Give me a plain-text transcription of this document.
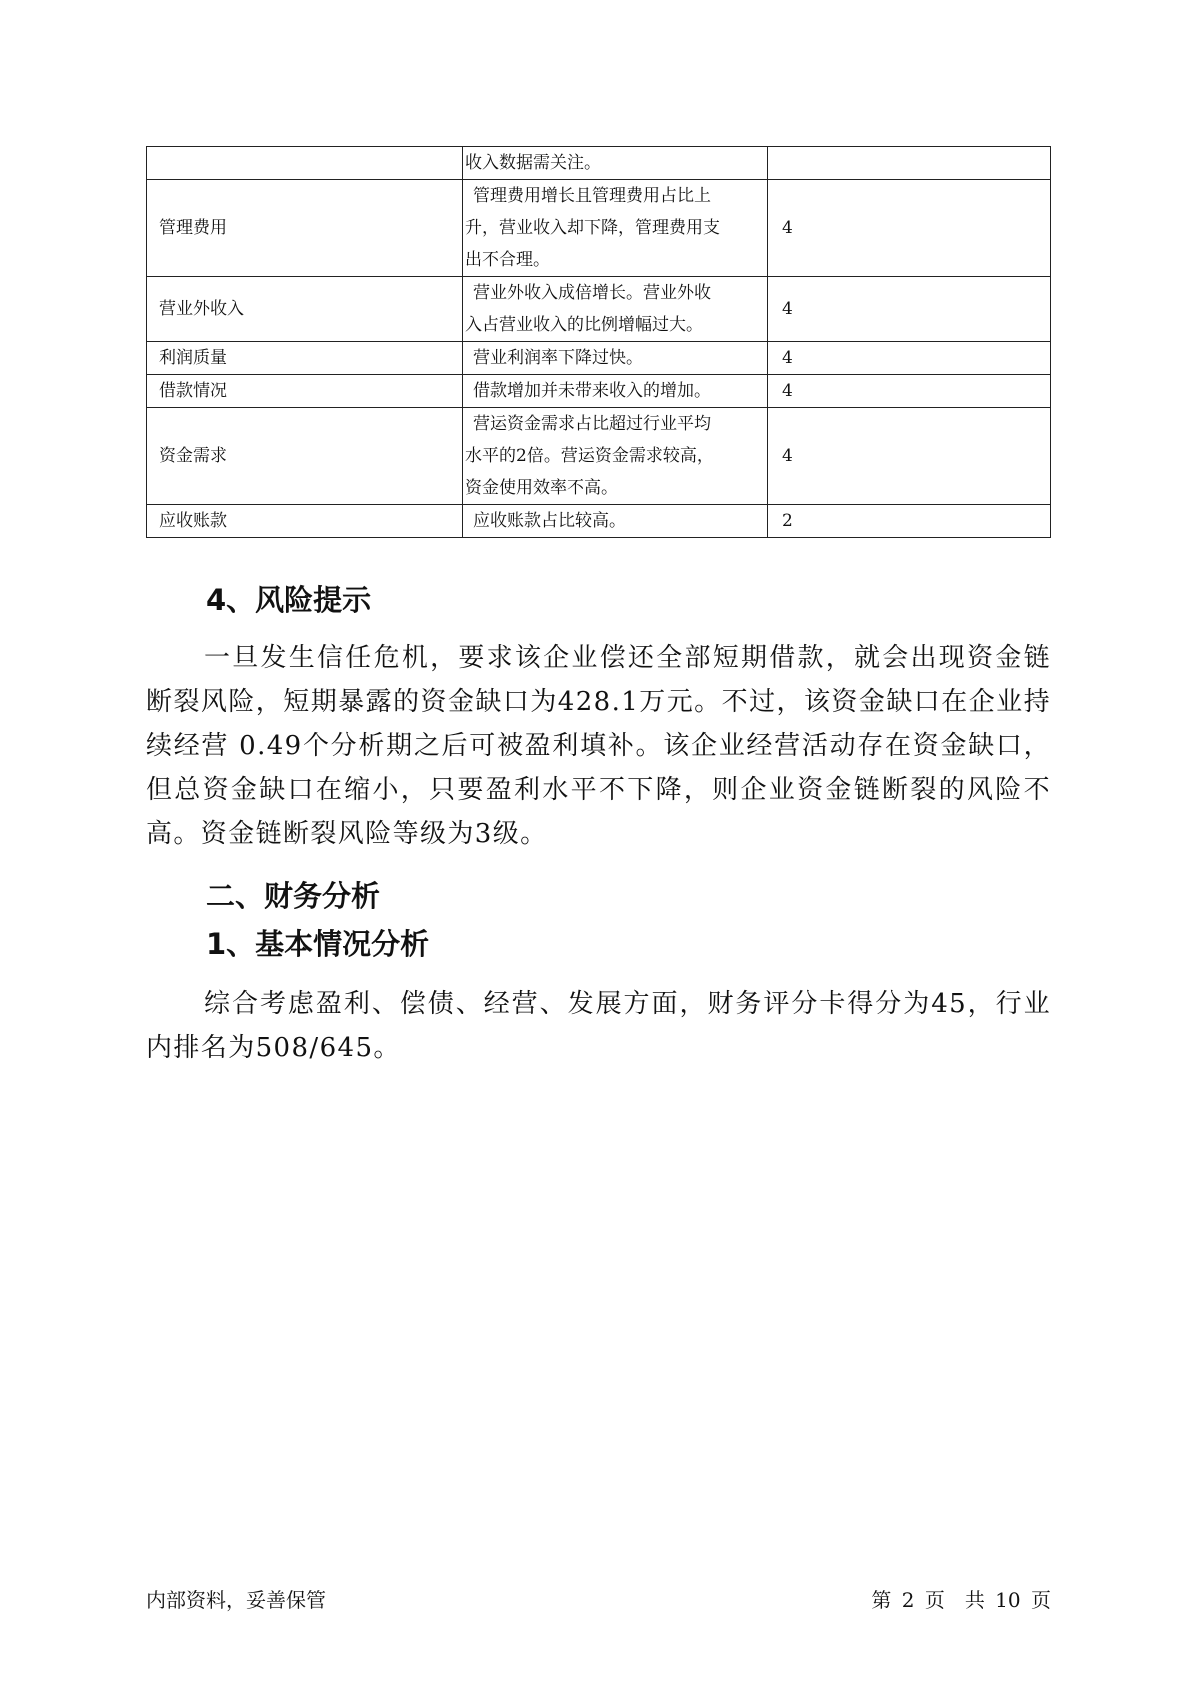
	收入数据需关注。	

管理费用	管理费用增长且管理费用占比上
升，营业收入却下降，管理费用支
出不合理。	4
营业外收入	营业外收入成倍增长。营业外收
入占营业收入的比例增幅过大。	4
利润质量	营业利润率下降过快。	4
借款情况	借款增加并未带来收入的增加。	4
资金需求	营运资金需求占比超过行业平均
水平的2倍。营运资金需求较高，
资金使用效率不高。	4
应收账款	应收账款占比较高。	2
4、风险提示

一旦发生信任危机，要求该企业偿还全部短期借款，就会出现资金链断裂风险，短期暴露的资金缺口为428.1万元。不过，该资金缺口在企业持续经营 0.49个分析期之后可被盈利填补。该企业经营活动存在资金缺口，但总资金缺口在缩小，只要盈利水平不下降，则企业资金链断裂的风险不高。资金链断裂风险等级为3级。

二、财务分析
1、基本情况分析

综合考虑盈利、偿债、经营、发展方面，财务评分卡得分为45，行业内排名为508/645。

内部资料，妥善保管	第 2 页　共 10 页
